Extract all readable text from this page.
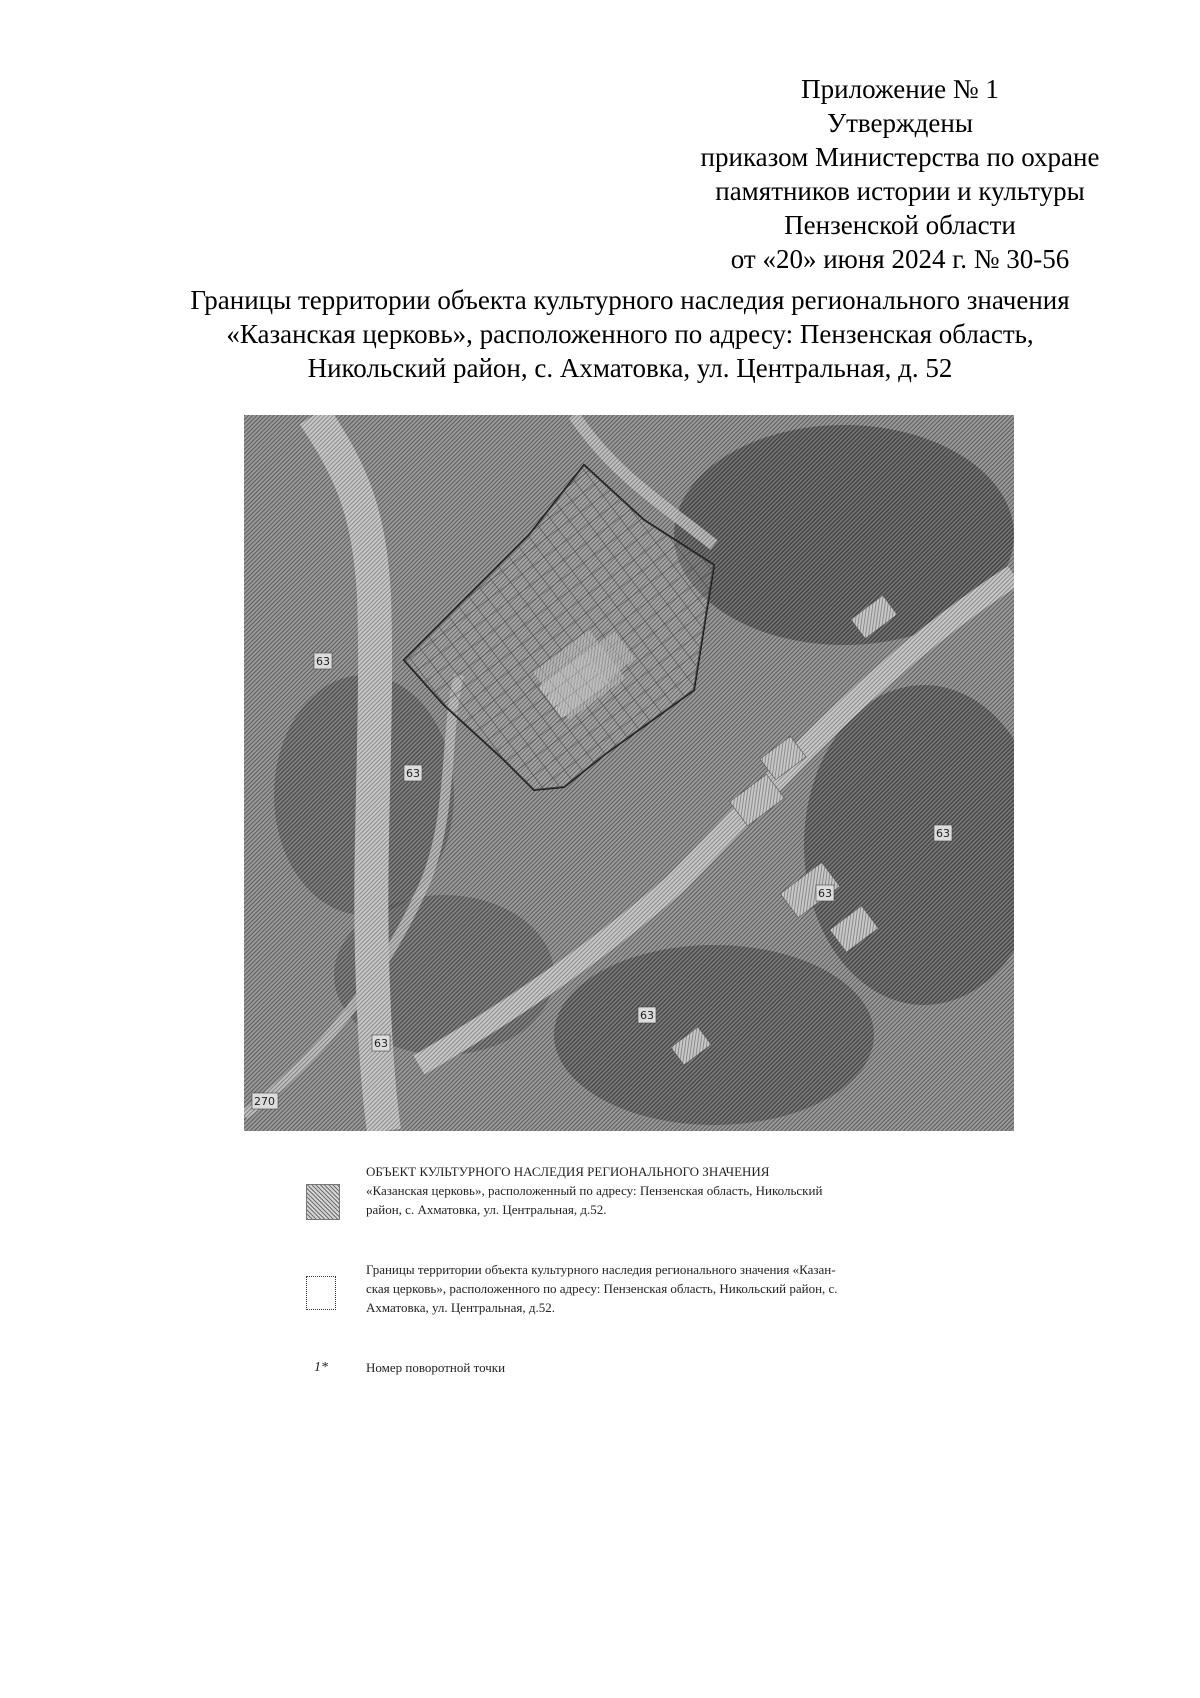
Приложение № 1
Утверждены
приказом Министерства по охране
памятников истории и культуры
Пензенской области
от «20» июня 2024 г. № 30-56
Границы территории объекта культурного наследия регионального значения
«Казанская церковь», расположенного по адресу: Пензенская область,
Никольский район, с. Ахматовка, ул. Центральная, д. 52
63
63
63
63
63
63
270
ОБЪЕКТ КУЛЬТУРНОГО НАСЛЕДИЯ РЕГИОНАЛЬНОГО ЗНАЧЕНИЯ
«Казанская церковь», расположенный по адресу: Пензенская область, Никольский
район, с. Ахматовка, ул. Центральная, д.52.
Границы территории объекта культурного наследия регионального значения «Казан-
ская церковь», расположенного по адресу: Пензенская область, Никольский район, с.
Ахматовка, ул. Центральная, д.52.
1*	Номер поворотной точки
